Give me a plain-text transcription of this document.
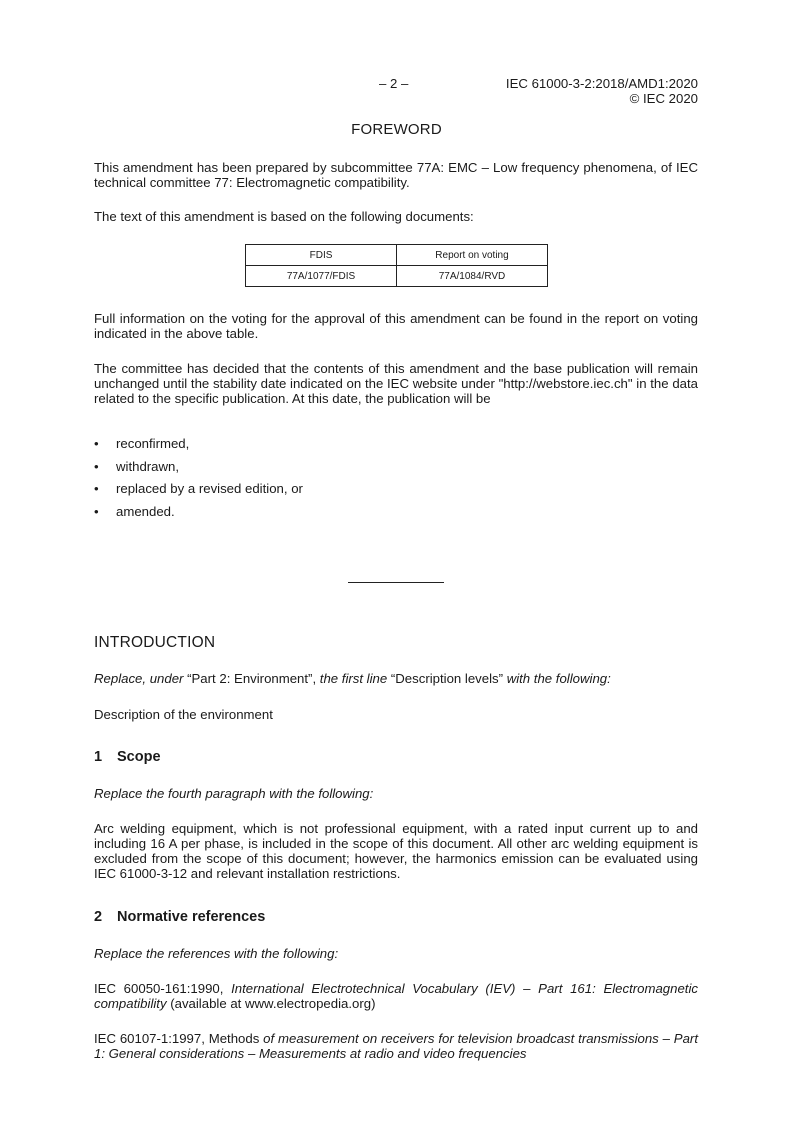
– 2 –	IEC 61000-3-2:2018/AMD1:2020
© IEC 2020
FOREWORD
This amendment has been prepared by subcommittee 77A: EMC – Low frequency phenomena, of IEC technical committee 77: Electromagnetic compatibility.
The text of this amendment is based on the following documents:
FDIS	Report on voting
77A/1077/FDIS	77A/1084/RVD
Full information on the voting for the approval of this amendment can be found in the report on voting indicated in the above table.
The committee has decided that the contents of this amendment and the base publication will remain unchanged until the stability date indicated on the IEC website under "http://webstore.iec.ch" in the data related to the specific publication. At this date, the publication will be
• reconfirmed,
• withdrawn,
• replaced by a revised edition, or
• amended.
INTRODUCTION
Replace, under “Part 2: Environment”, the first line “Description levels” with the following:
Description of the environment
1 Scope
Replace the fourth paragraph with the following:
Arc welding equipment, which is not professional equipment, with a rated input current up to and including 16 A per phase, is included in the scope of this document. All other arc welding equipment is excluded from the scope of this document; however, the harmonics emission can be evaluated using IEC 61000-3-12 and relevant installation restrictions.
2 Normative references
Replace the references with the following:
IEC 60050-161:1990, International Electrotechnical Vocabulary (IEV) – Part 161: Electromagnetic compatibility (available at www.electropedia.org)
IEC 60107-1:1997, Methods of measurement on receivers for television broadcast transmissions – Part 1: General considerations – Measurements at radio and video frequencies
